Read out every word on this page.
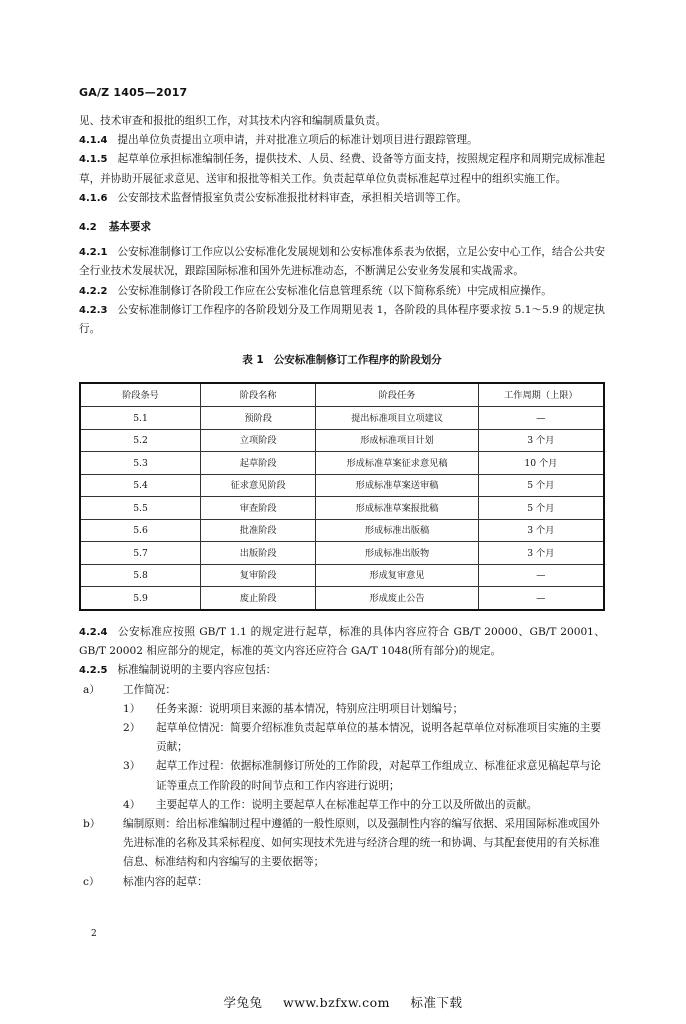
GA/Z 1405—2017

见、技术审查和报批的组织工作，对其技术内容和编制质量负责。

4.1.4 提出单位负责提出立项申请，并对批准立项后的标准计划项目进行跟踪管理。

4.1.5 起草单位承担标准编制任务，提供技术、人员、经费、设备等方面支持，按照规定程序和周期完成标准起草，并协助开展征求意见、送审和报批等相关工作。负责起草单位负责标准起草过程中的组织实施工作。

4.1.6 公安部技术监督情报室负责公安标准报批材料审查，承担相关培训等工作。

4.2 基本要求

4.2.1 公安标准制修订工作应以公安标准化发展规划和公安标准体系表为依据，立足公安中心工作，结合公共安全行业技术发展状况，跟踪国际标准和国外先进标准动态，不断满足公安业务发展和实战需求。

4.2.2 公安标准制修订各阶段工作应在公安标准化信息管理系统（以下简称系统）中完成相应操作。

4.2.3 公安标准制修订工作程序的各阶段划分及工作周期见表 1，各阶段的具体程序要求按 5.1～5.9 的规定执行。

表 1 公安标准制修订工作程序的阶段划分
阶段条号	阶段名称	阶段任务	工作周期（上限）
5.1	预阶段	提出标准项目立项建议	—
5.2	立项阶段	形成标准项目计划	3 个月
5.3	起草阶段	形成标准草案征求意见稿	10 个月
5.4	征求意见阶段	形成标准草案送审稿	5 个月
5.5	审查阶段	形成标准草案报批稿	5 个月
5.6	批准阶段	形成标准出版稿	3 个月
5.7	出版阶段	形成标准出版物	3 个月
5.8	复审阶段	形成复审意见	—
5.9	废止阶段	形成废止公告	—

4.2.4 公安标准应按照 GB/T 1.1 的规定进行起草，标准的具体内容应符合 GB/T 20000、GB/T 20001、GB/T 20002 相应部分的规定，标准的英文内容还应符合 GA/T 1048(所有部分)的规定。

4.2.5 标准编制说明的主要内容应包括：

a） 工作简况：
1） 任务来源：说明项目来源的基本情况，特别应注明项目计划编号；
2） 起草单位情况：简要介绍标准负责起草单位的基本情况，说明各起草单位对标准项目实施的主要贡献；
3） 起草工作过程：依据标准制修订所处的工作阶段，对起草工作组成立、标准征求意见稿起草与论证等重点工作阶段的时间节点和工作内容进行说明；
4） 主要起草人的工作：说明主要起草人在标准起草工作中的分工以及所做出的贡献。
b） 编制原则：给出标准编制过程中遵循的一般性原则，以及强制性内容的编写依据、采用国际标准或国外先进标准的名称及其采标程度、如何实现技术先进与经济合理的统一和协调、与其配套使用的有关标准信息、标准结构和内容编写的主要依据等；
c） 标准内容的起草：
2
学兔兔 www.bzfxw.com 标准下载
